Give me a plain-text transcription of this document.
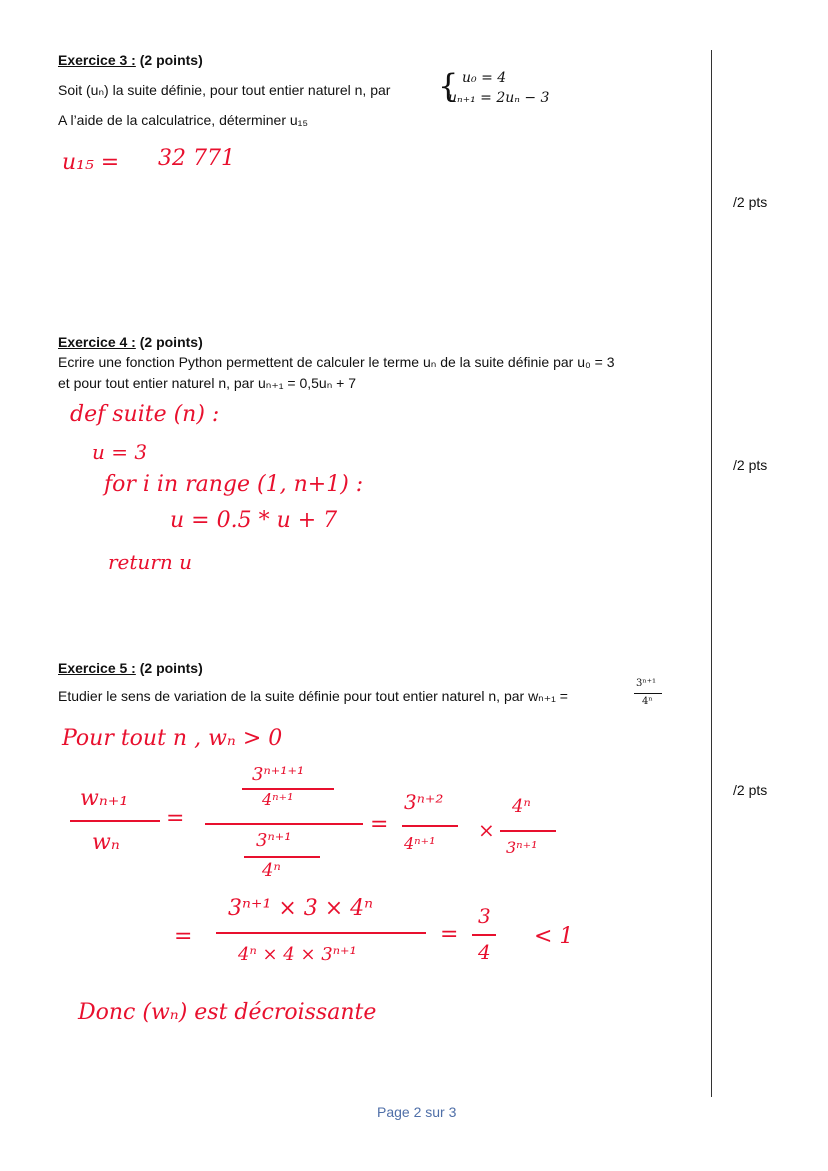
Exercice 3 : (2 points)
Soit (uₙ) la suite définie, pour tout entier naturel n, par { u₀ = 4
uₙ₊₁ = 2uₙ − 3
A l’aide de la calculatrice, déterminer u₁₅
u₁₅ = 32 771
/2 pts
Exercice 4 : (2 points)
Ecrire une fonction Python permettent de calculer le terme uₙ de la suite définie par u₀ = 3
et pour tout entier naturel n, par uₙ₊₁ = 0,5uₙ + 7
def suite (n) :
u = 3
for i in range (1, n+1) :
u = 0.5 * u + 7
return u
/2 pts
Exercice 5 : (2 points)
Etudier le sens de variation de la suite définie pour tout entier naturel n, par wₙ₊₁ =
3ⁿ⁺¹
4ⁿ
/2 pts
Pour tout n , wₙ > 0
wₙ₊₁
wₙ
=
3ⁿ⁺¹⁺¹
4ⁿ⁺¹
3ⁿ⁺¹
4ⁿ
=
3ⁿ⁺²
4ⁿ⁺¹
×
4ⁿ
3ⁿ⁺¹
=
3ⁿ⁺¹ × 3 × 4ⁿ
4ⁿ × 4 × 3ⁿ⁺¹
=
3
4
< 1
Donc (wₙ) est décroissante
Page 2 sur 3
